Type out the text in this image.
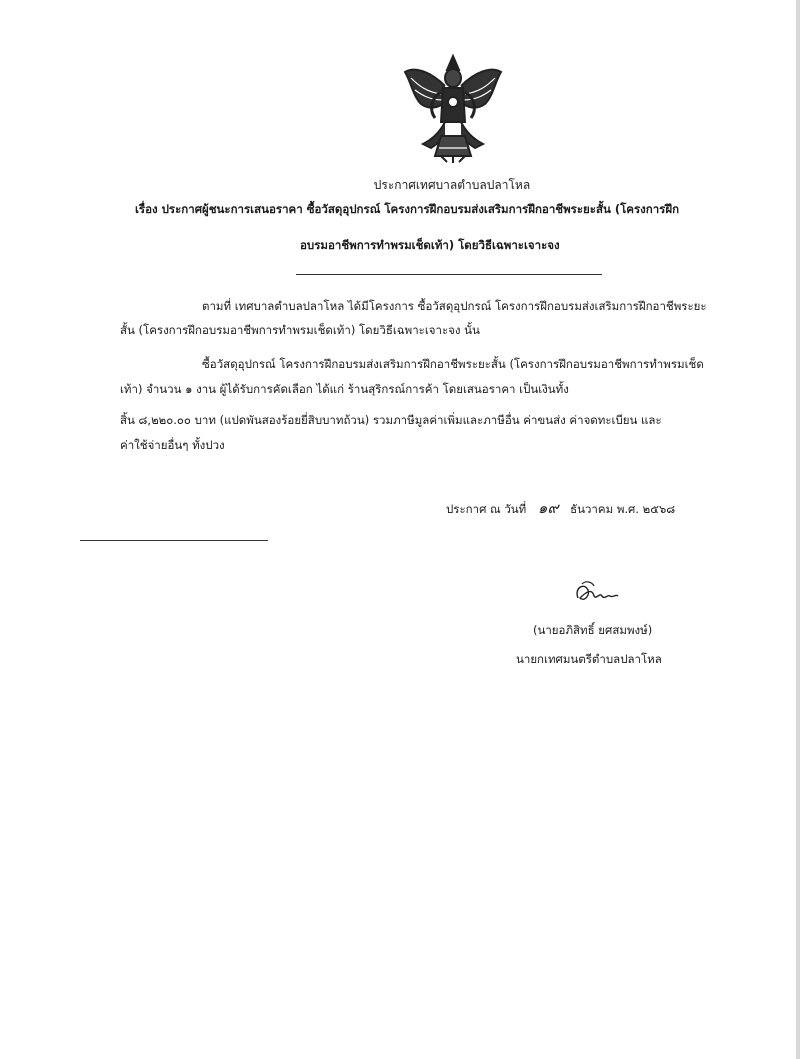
ประกาศเทศบาลตำบลปลาโหล
เรื่อง ประกาศผู้ชนะการเสนอราคา ซื้อวัสดุอุปกรณ์ โครงการฝึกอบรมส่งเสริมการฝึกอาชีพระยะสั้น (โครงการฝึก
อบรมอาชีพการทำพรมเช็ดเท้า) โดยวิธีเฉพาะเจาะจง
ตามที่ เทศบาลตำบลปลาโหล ได้มีโครงการ ซื้อวัสดุอุปกรณ์ โครงการฝึกอบรมส่งเสริมการฝึกอาชีพระยะ
สั้น (โครงการฝึกอบรมอาชีพการทำพรมเช็ดเท้า) โดยวิธีเฉพาะเจาะจง นั้น
ซื้อวัสดุอุปกรณ์ โครงการฝึกอบรมส่งเสริมการฝึกอาชีพระยะสั้น (โครงการฝึกอบรมอาชีพการทำพรมเช็ด
เท้า) จำนวน ๑ งาน ผู้ได้รับการคัดเลือก ได้แก่ ร้านสุริกรณ์การค้า โดยเสนอราคา เป็นเงินทั้ง
สิ้น ๘,๒๒๐.๐๐ บาท (แปดพันสองร้อยยี่สิบบาทถ้วน) รวมภาษีมูลค่าเพิ่มและภาษีอื่น ค่าขนส่ง ค่าจดทะเบียน และ
ค่าใช้จ่ายอื่นๆ ทั้งปวง
ประกาศ ณ วันที่ ๑๙ ธันวาคม พ.ศ. ๒๕๖๘
(นายอภิสิทธิ์ ยศสมพงษ์)
นายกเทศมนตรีตำบลปลาโหล
